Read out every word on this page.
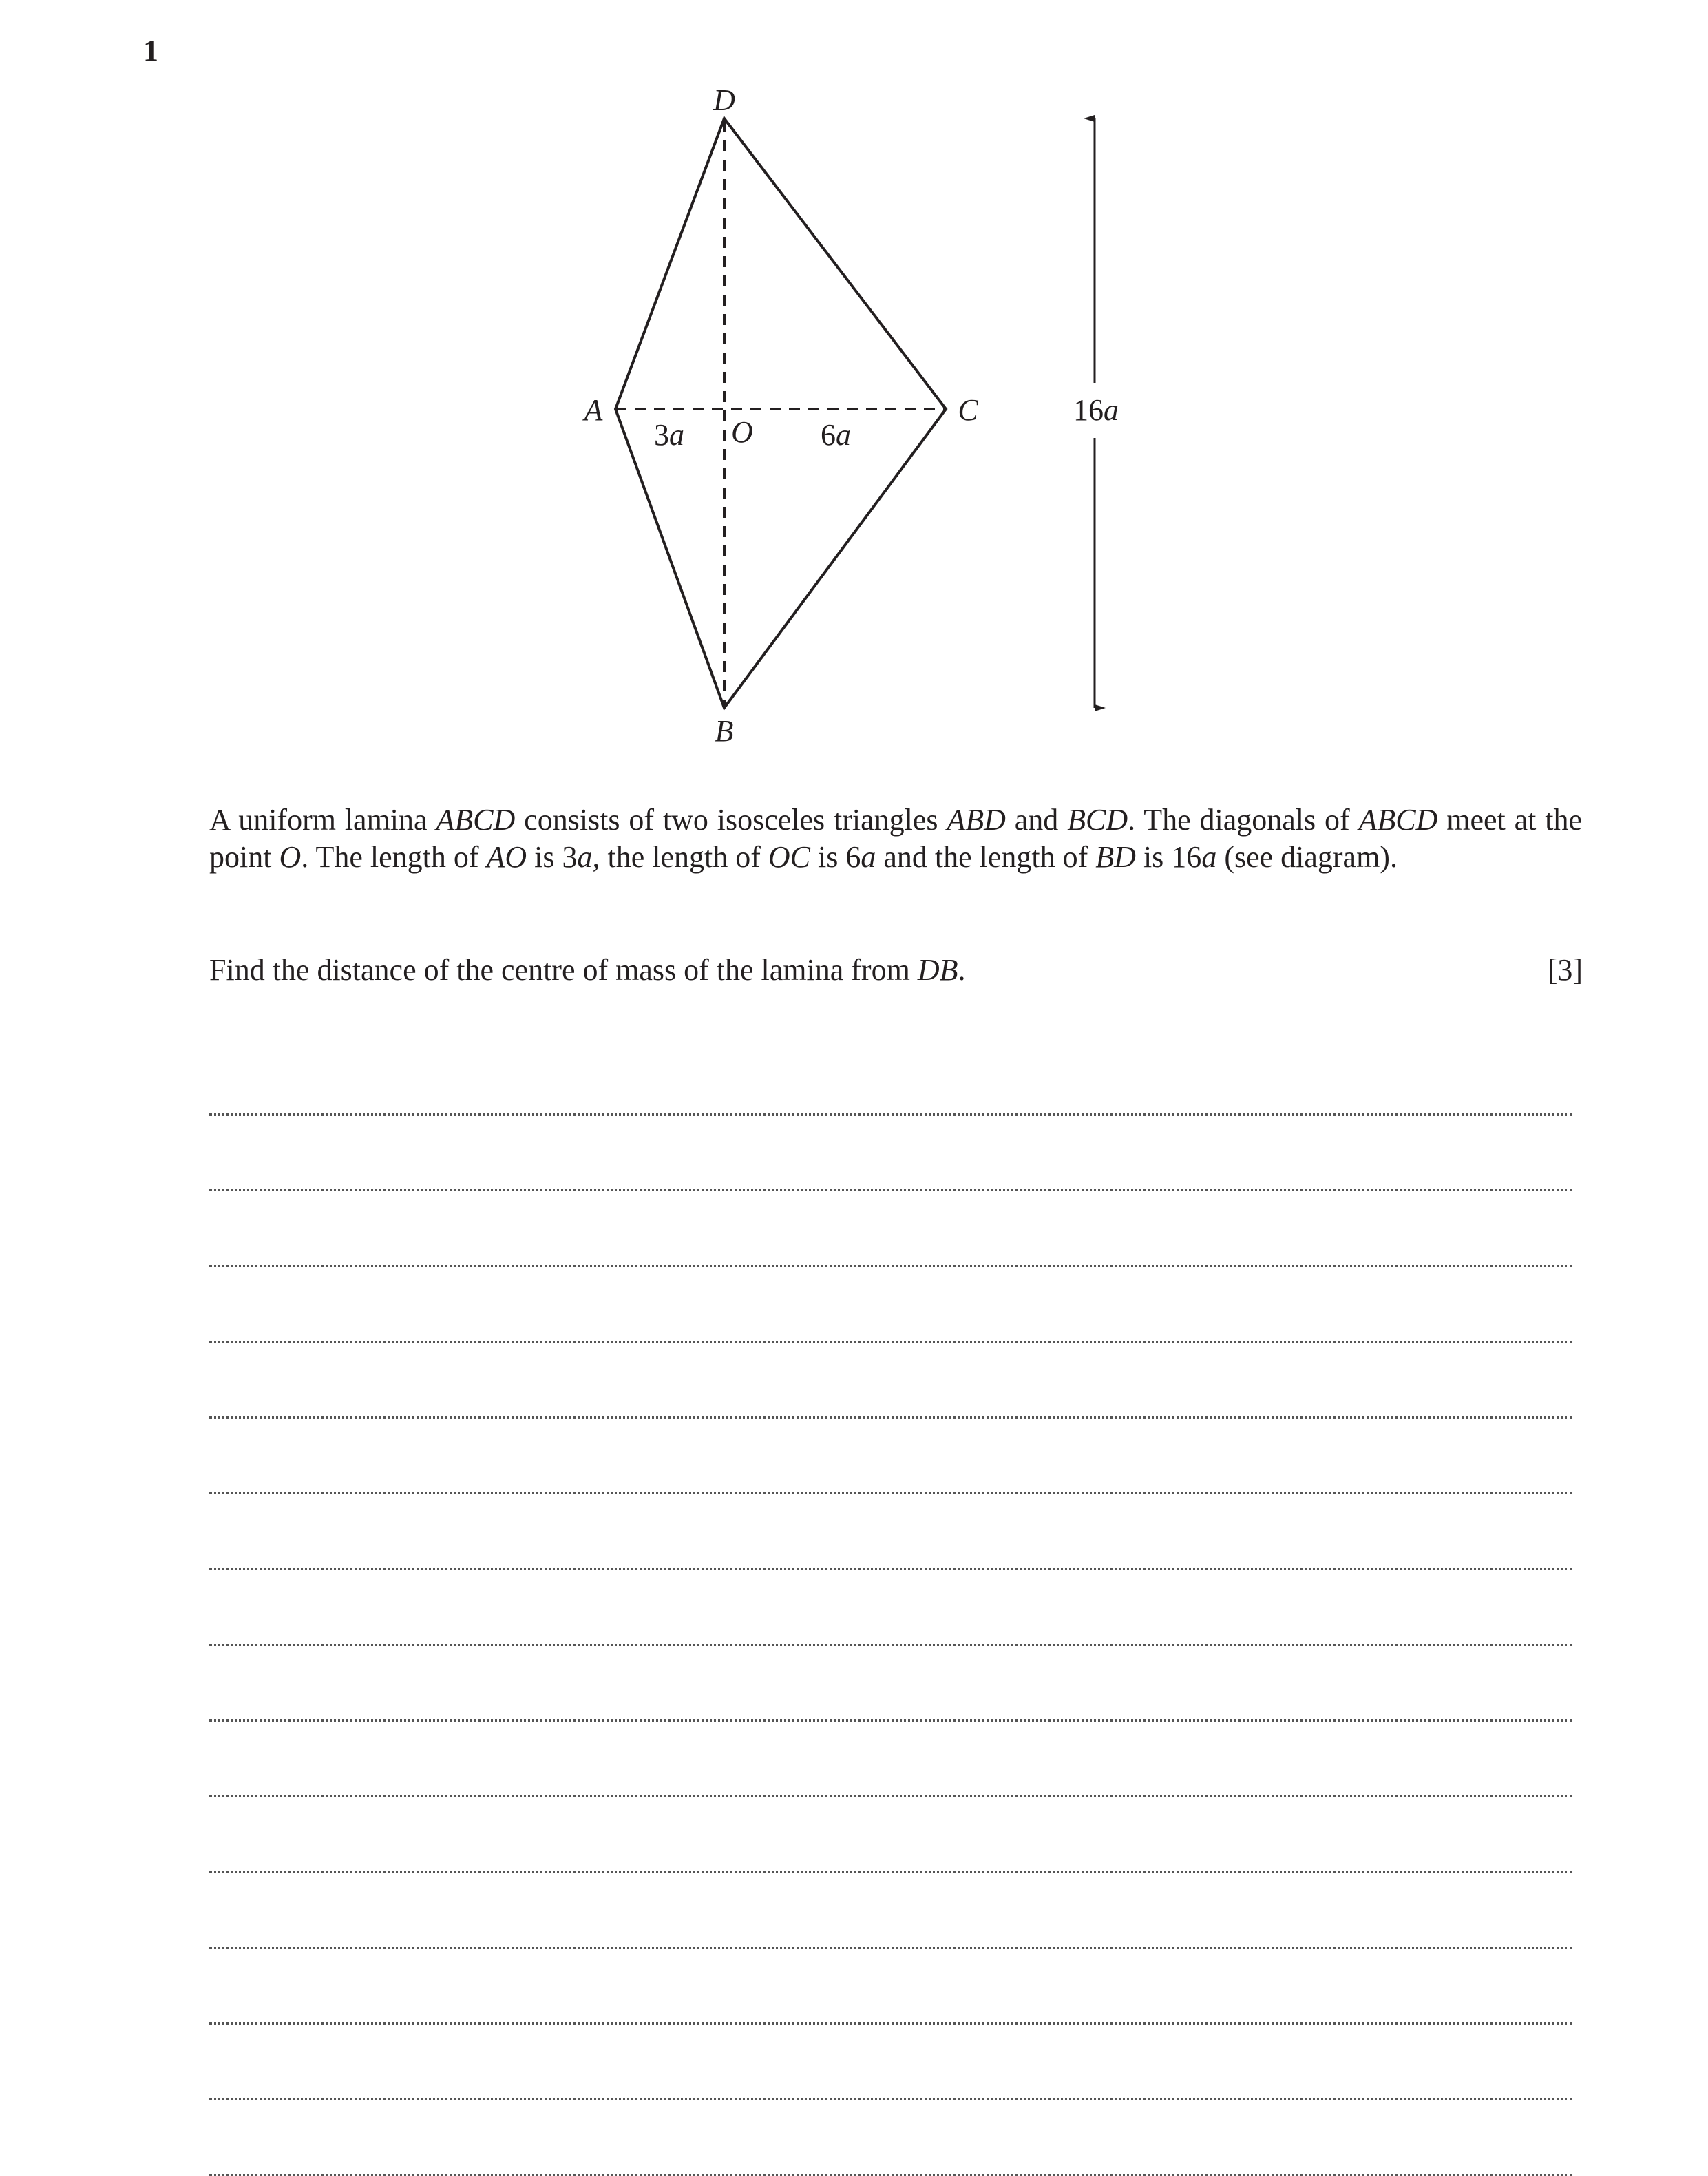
1
D
A	C
B
O
3a	6a
16a

A uniform lamina ABCD consists of two isosceles triangles ABD and BCD. The diagonals of ABCD meet at the point O. The length of AO is 3a, the length of OC is 6a and the length of BD is 16a (see diagram).

Find the distance of the centre of mass of the lamina from DB.	[3]
